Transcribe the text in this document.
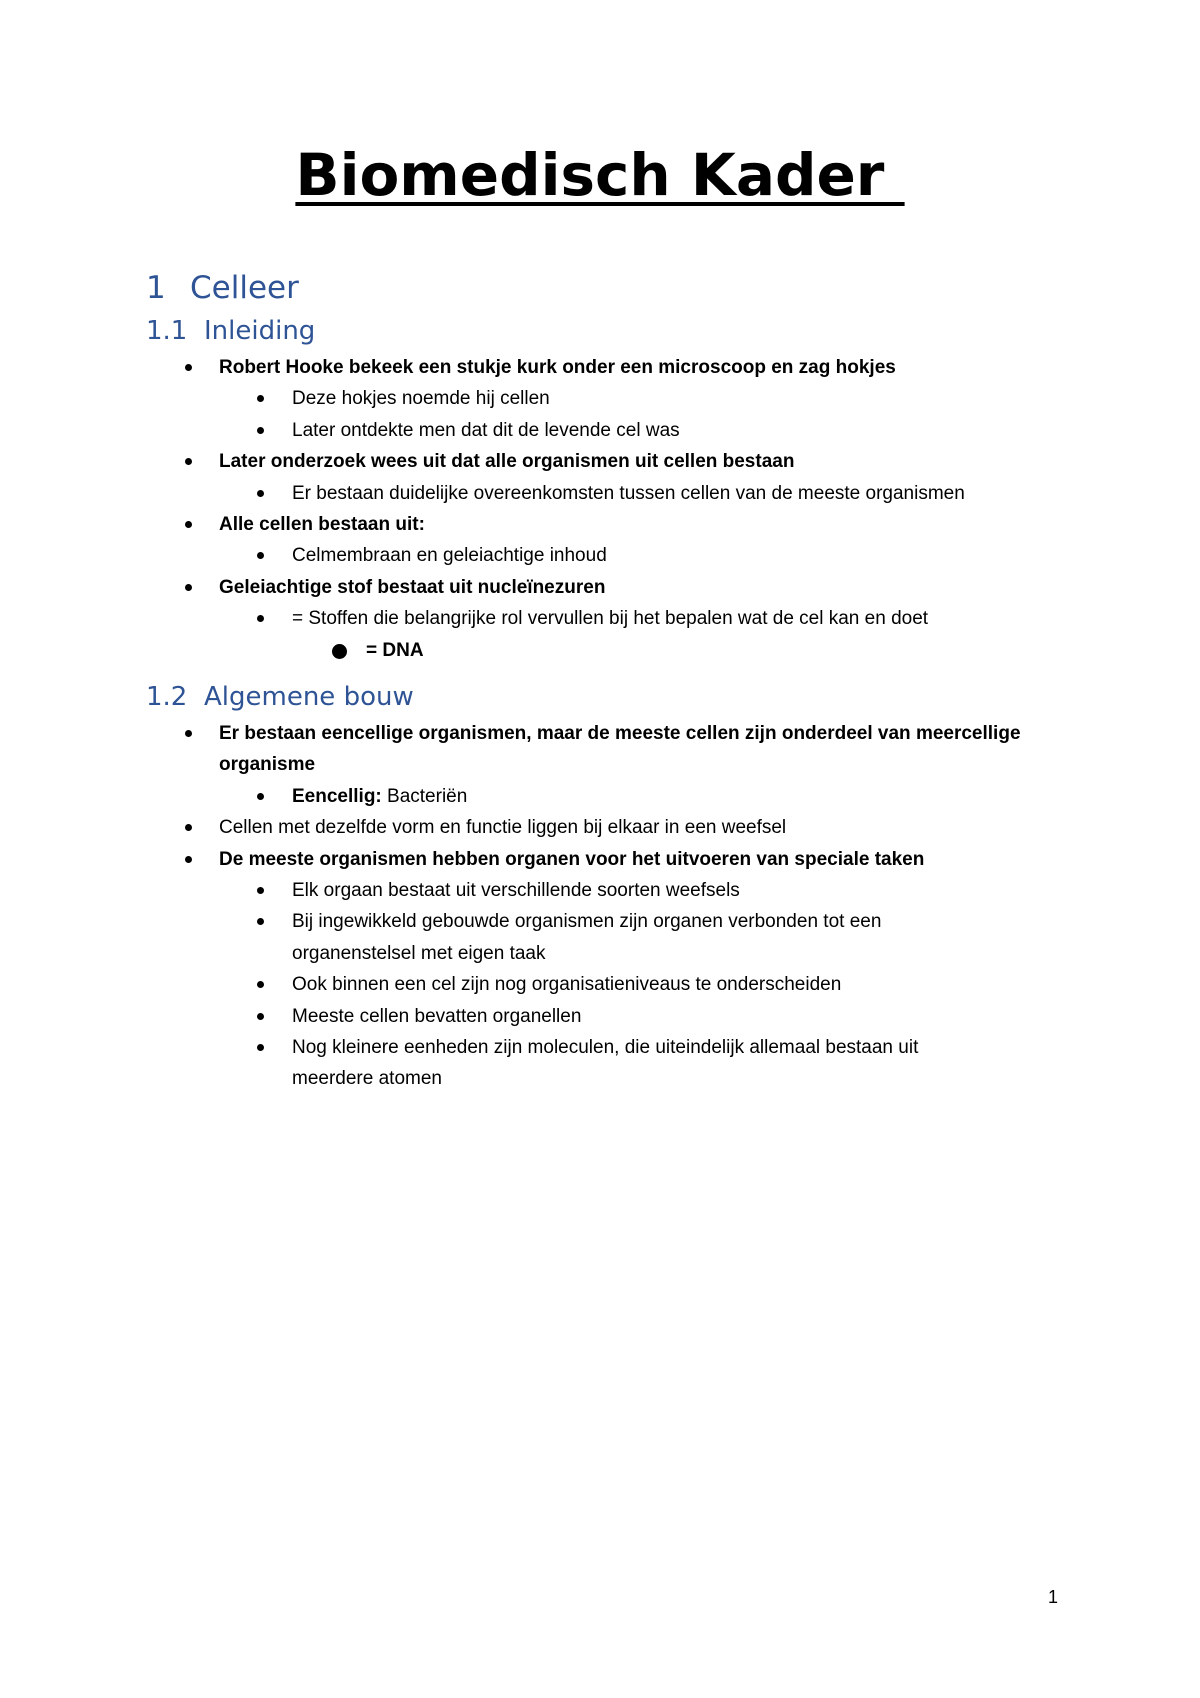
Biomedisch Kader
1 Celleer
1.1 Inleiding
Robert Hooke bekeek een stukje kurk onder een microscoop en zag hokjes
Deze hokjes noemde hij cellen
Later ontdekte men dat dit de levende cel was
Later onderzoek wees uit dat alle organismen uit cellen bestaan
Er bestaan duidelijke overeenkomsten tussen cellen van de meeste organismen
Alle cellen bestaan uit:
Celmembraan en geleiachtige inhoud
Geleiachtige stof bestaat uit nucleïnezuren
= Stoffen die belangrijke rol vervullen bij het bepalen wat de cel kan en doet
= DNA
1.2 Algemene bouw
Er bestaan eencellige organismen, maar de meeste cellen zijn onderdeel van meercellige
organisme
Eencellig: Bacteriën
Cellen met dezelfde vorm en functie liggen bij elkaar in een weefsel
De meeste organismen hebben organen voor het uitvoeren van speciale taken
Elk orgaan bestaat uit verschillende soorten weefsels
Bij ingewikkeld gebouwde organismen zijn organen verbonden tot een
organenstelsel met eigen taak
Ook binnen een cel zijn nog organisatieniveaus te onderscheiden
Meeste cellen bevatten organellen
Nog kleinere eenheden zijn moleculen, die uiteindelijk allemaal bestaan uit
meerdere atomen
1
